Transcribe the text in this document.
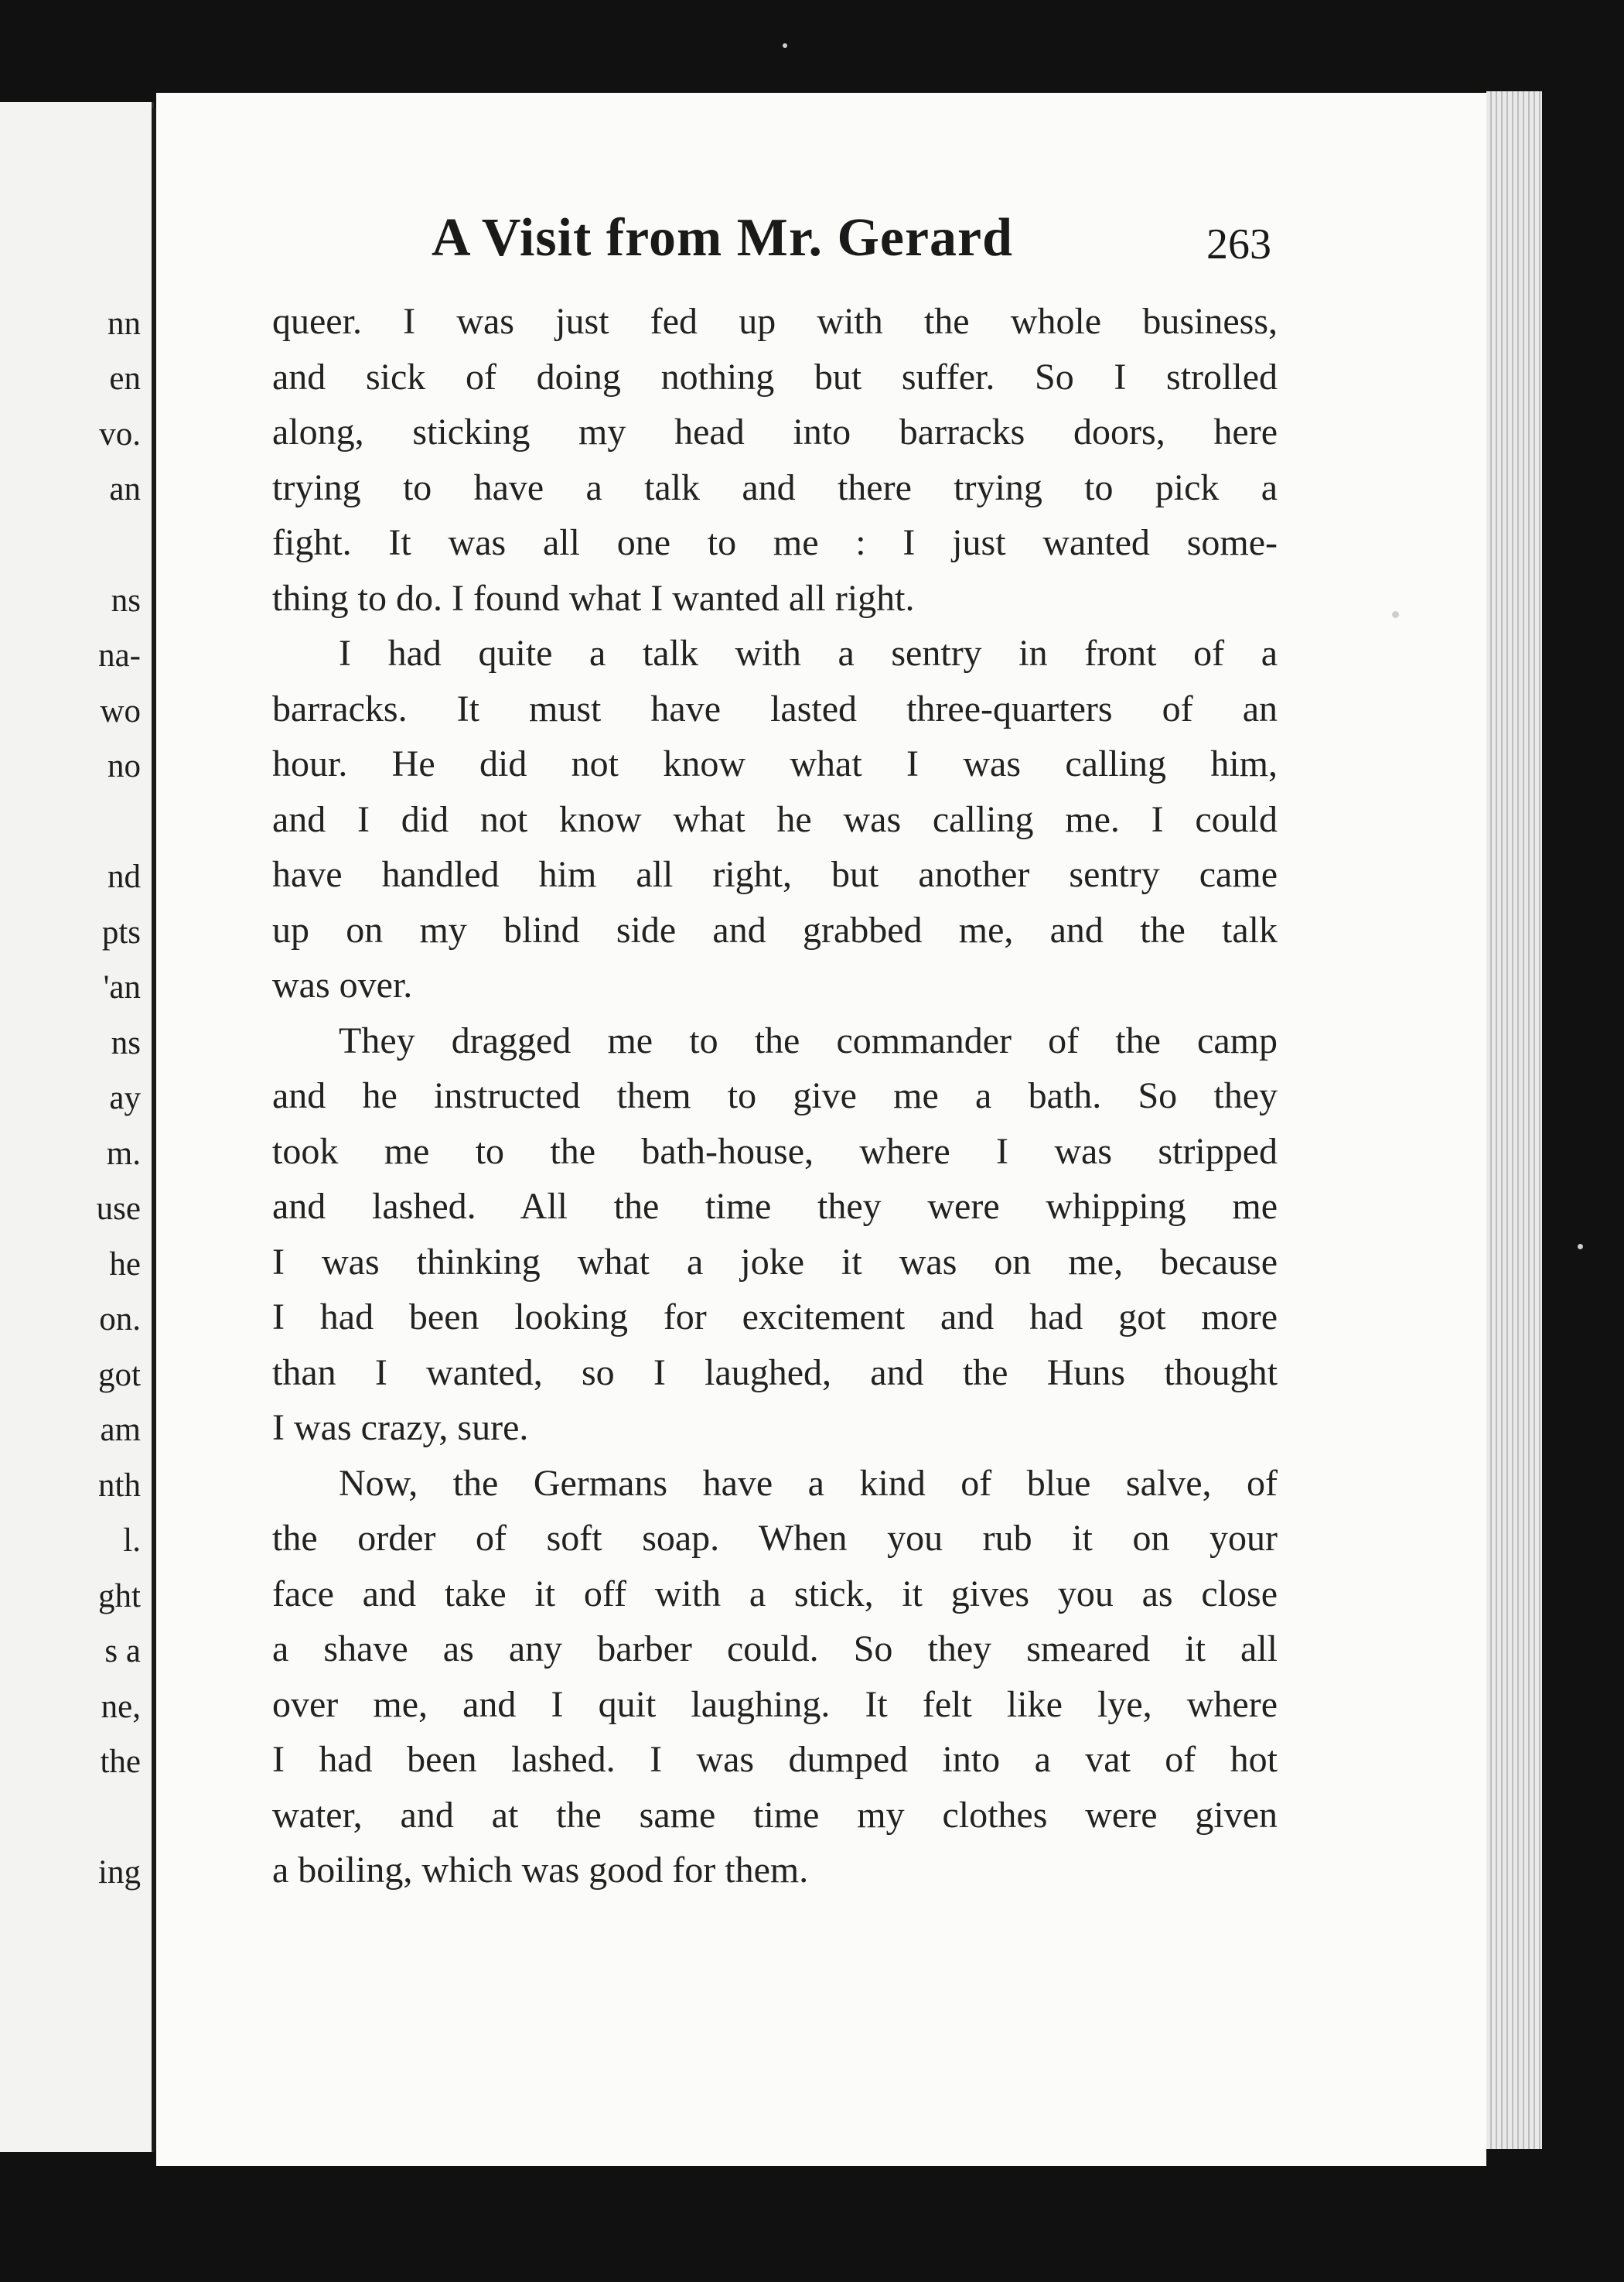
nn
en
vo.
an
ns
na-
wo
no
nd
pts
'an
ns
ay
m.
use
he
on.
got
am
nth
l.
ght
s a
ne,
the
ing
A Visit from Mr. Gerard	263
queer. I was just fed up with the whole business,
and sick of doing nothing but suffer. So I strolled
along, sticking my head into barracks doors, here
trying to have a talk and there trying to pick a
fight. It was all one to me : I just wanted some-
thing to do. I found what I wanted all right.
I had quite a talk with a sentry in front of a
barracks. It must have lasted three-quarters of an
hour. He did not know what I was calling him,
and I did not know what he was calling me. I could
have handled him all right, but another sentry came
up on my blind side and grabbed me, and the talk
was over.
They dragged me to the commander of the camp
and he instructed them to give me a bath. So they
took me to the bath-house, where I was stripped
and lashed. All the time they were whipping me
I was thinking what a joke it was on me, because
I had been looking for excitement and had got more
than I wanted, so I laughed, and the Huns thought
I was crazy, sure.
Now, the Germans have a kind of blue salve, of
the order of soft soap. When you rub it on your
face and take it off with a stick, it gives you as close
a shave as any barber could. So they smeared it all
over me, and I quit laughing. It felt like lye, where
I had been lashed. I was dumped into a vat of hot
water, and at the same time my clothes were given
a boiling, which was good for them.
